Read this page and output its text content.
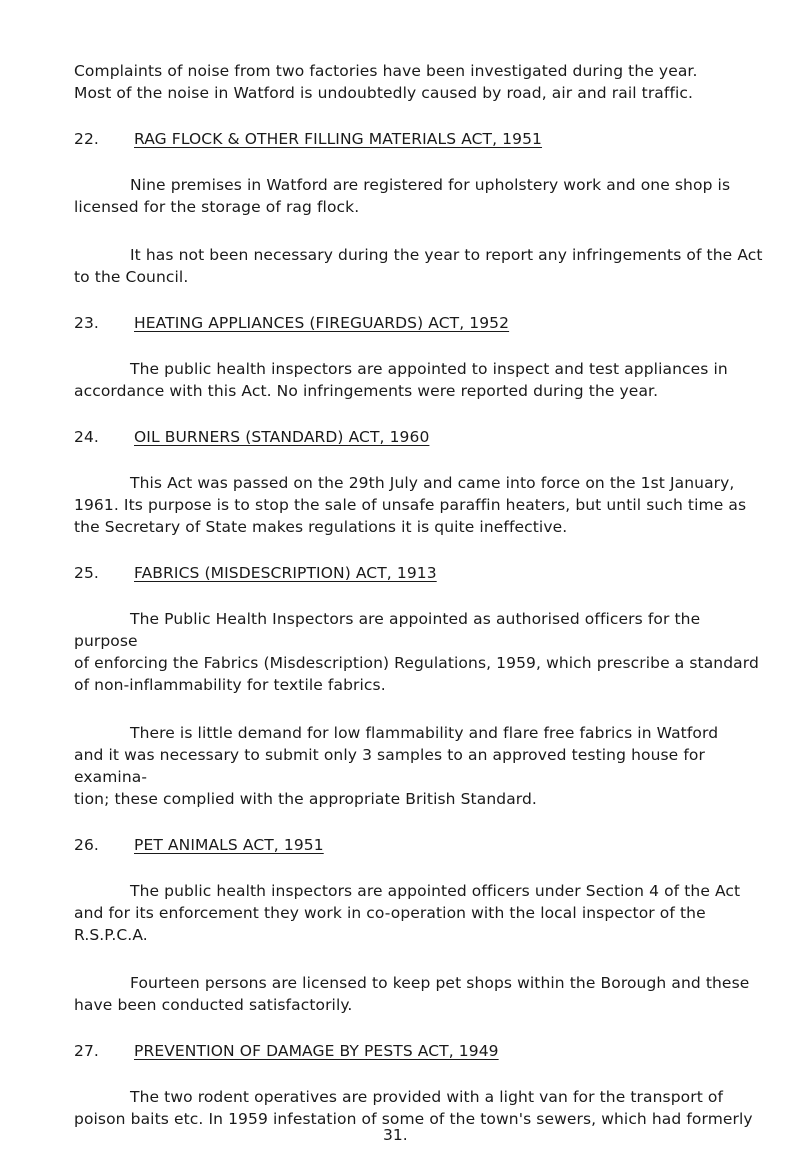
Complaints of noise from two factories have been investigated during the year.
Most of the noise in Watford is undoubtedly caused by road, air and rail traffic.

22.	RAG FLOCK & OTHER FILLING MATERIALS ACT, 1951

Nine premises in Watford are registered for upholstery work and one shop is
licensed for the storage of rag flock.

It has not been necessary during the year to report any infringements of the Act
to the Council.

23.	HEATING APPLIANCES (FIREGUARDS) ACT, 1952

The public health inspectors are appointed to inspect and test appliances in
accordance with this Act. No infringements were reported during the year.

24.	OIL BURNERS (STANDARD) ACT, 1960

This Act was passed on the 29th July and came into force on the 1st January,
1961. Its purpose is to stop the sale of unsafe paraffin heaters, but until such time as
the Secretary of State makes regulations it is quite ineffective.

25.	FABRICS (MISDESCRIPTION) ACT, 1913

The Public Health Inspectors are appointed as authorised officers for the purpose
of enforcing the Fabrics (Misdescription) Regulations, 1959, which prescribe a standard
of non-inflammability for textile fabrics.

There is little demand for low flammability and flare free fabrics in Watford
and it was necessary to submit only 3 samples to an approved testing house for examina-
tion; these complied with the appropriate British Standard.

26.	PET ANIMALS ACT, 1951

The public health inspectors are appointed officers under Section 4 of the Act
and for its enforcement they work in co-operation with the local inspector of the
R.S.P.C.A.

Fourteen persons are licensed to keep pet shops within the Borough and these
have been conducted satisfactorily.

27.	PREVENTION OF DAMAGE BY PESTS ACT, 1949

The two rodent operatives are provided with a light van for the transport of
poison baits etc. In 1959 infestation of some of the town's sewers, which had formerly

31.
